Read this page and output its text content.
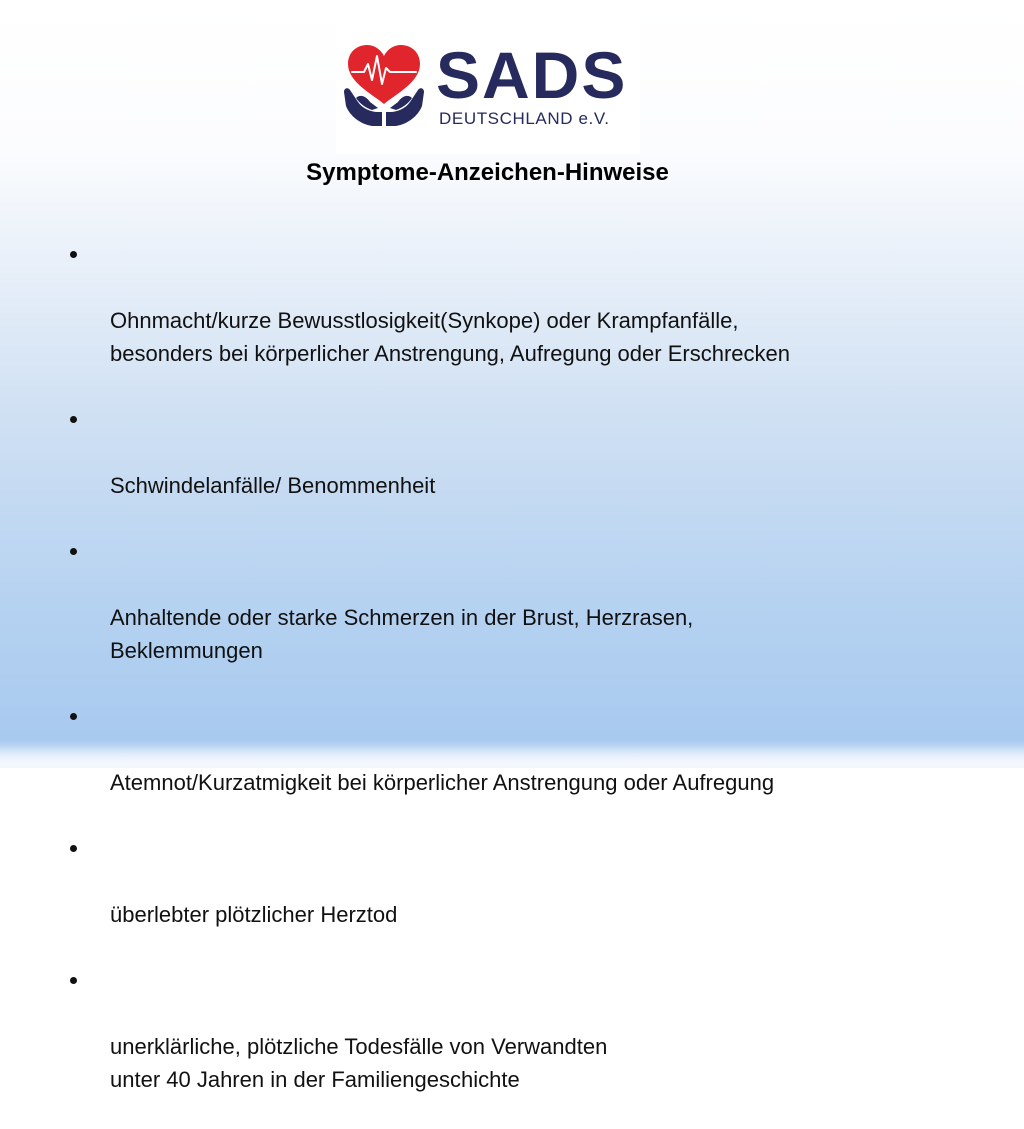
SADS
DEUTSCHLAND e.V.
Symptome-Anzeichen-Hinweise

Ohnmacht/kurze Bewusstlosigkeit(Synkope) oder Krampfanfälle,
besonders bei körperlicher Anstrengung, Aufregung oder Erschrecken

Schwindelanfälle/ Benommenheit

Anhaltende oder starke Schmerzen in der Brust, Herzrasen,
Beklemmungen

Atemnot/Kurzatmigkeit bei körperlicher Anstrengung oder Aufregung

überlebter plötzlicher Herztod

unerklärliche, plötzliche Todesfälle von Verwandten
unter 40 Jahren in der Familiengeschichte
